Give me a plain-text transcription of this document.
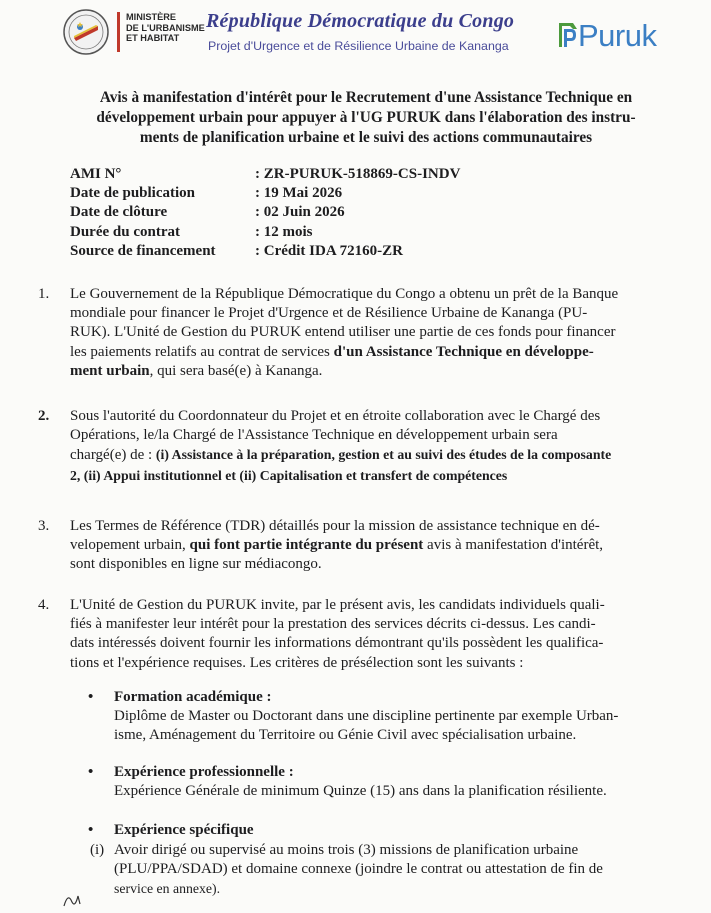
MINISTÈRE
DE L'URBANISME
ET HABITAT
République Démocratique du Congo
Projet d'Urgence et de Résilience Urbaine de Kananga Puruk
Avis à manifestation d'intérêt pour le Recrutement d'une Assistance Technique en
développement urbain pour appuyer à l'UG PURUK dans l'élaboration des instru-
ments de planification urbaine et le suivi des actions communautaires
AMI N°	: ZR-PURUK-518869-CS-INDV
Date de publication	: 19 Mai 2026
Date de clôture	: 02 Juin 2026
Durée du contrat	: 12 mois
Source de financement	: Crédit IDA 72160-ZR
1. Le Gouvernement de la République Démocratique du Congo a obtenu un prêt de la Banque
mondiale pour financer le Projet d'Urgence et de Résilience Urbaine de Kananga (PU-
RUK). L'Unité de Gestion du PURUK entend utiliser une partie de ces fonds pour financer
les paiements relatifs au contrat de services d'un Assistance Technique en développe-
ment urbain, qui sera basé(e) à Kananga.
2. Sous l'autorité du Coordonnateur du Projet et en étroite collaboration avec le Chargé des
Opérations, le/la Chargé de l'Assistance Technique en développement urbain sera
chargé(e) de : (i) Assistance à la préparation, gestion et au suivi des études de la composante
2, (ii) Appui institutionnel et (ii) Capitalisation et transfert de compétences
3. Les Termes de Référence (TDR) détaillés pour la mission de assistance technique en dé-
velopement urbain, qui font partie intégrante du présent avis à manifestation d'intérêt,
sont disponibles en ligne sur médiacongo.
4. L'Unité de Gestion du PURUK invite, par le présent avis, les candidats individuels quali-
fiés à manifester leur intérêt pour la prestation des services décrits ci-dessus. Les candi-
dats intéressés doivent fournir les informations démontrant qu'ils possèdent les qualifica-
tions et l'expérience requises. Les critères de présélection sont les suivants :
• Formation académique :
Diplôme de Master ou Doctorant dans une discipline pertinente par exemple Urban-
isme, Aménagement du Territoire ou Génie Civil avec spécialisation urbaine.
• Expérience professionnelle :
Expérience Générale de minimum Quinze (15) ans dans la planification résiliente.
• Expérience spécifique
(i) Avoir dirigé ou supervisé au moins trois (3) missions de planification urbaine
(PLU/PPA/SDAD) et domaine connexe (joindre le contrat ou attestation de fin de
service en annexe).
